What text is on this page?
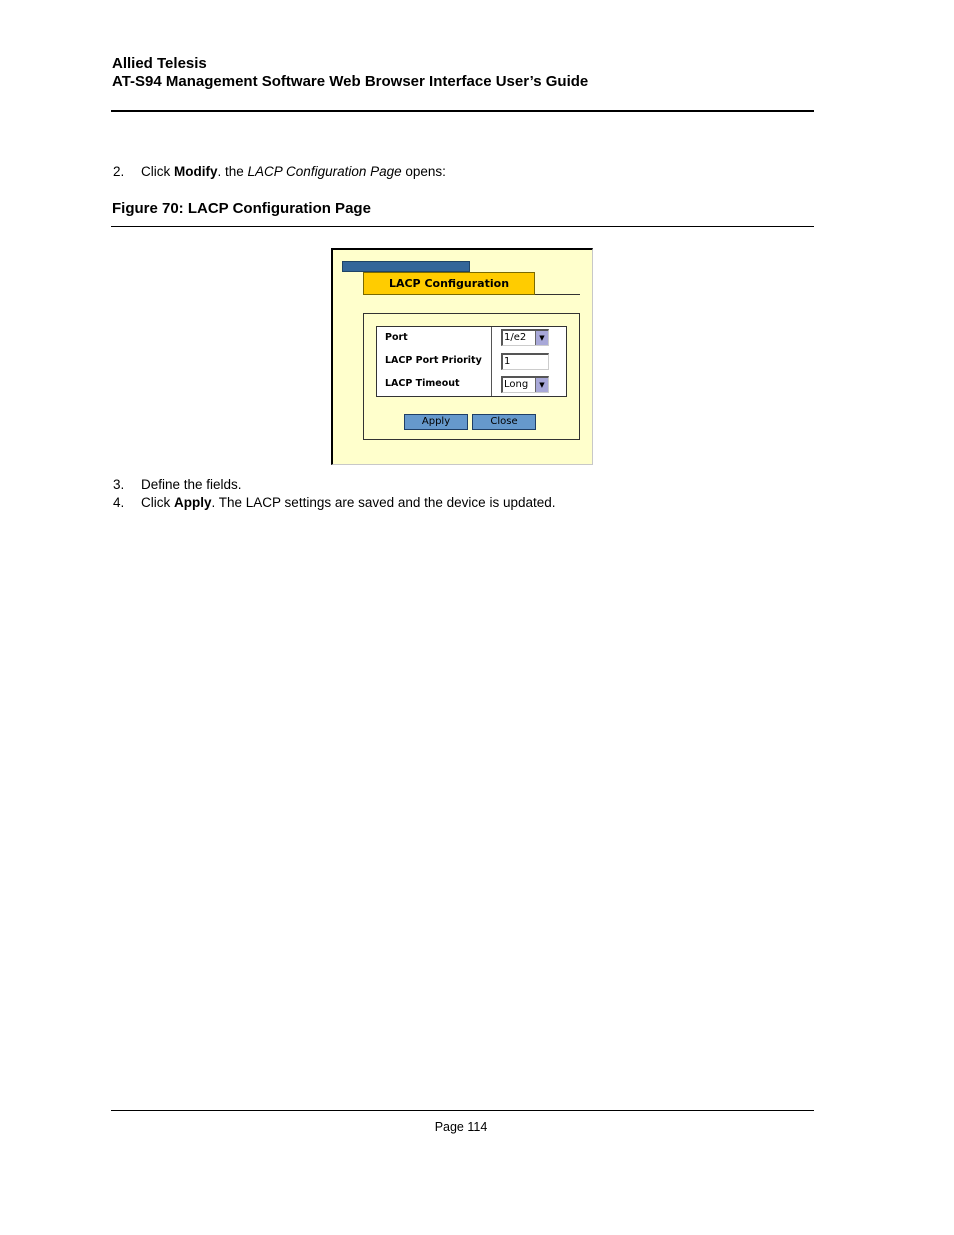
Allied Telesis
AT-S94 Management Software Web Browser Interface User’s Guide
2. Click Modify. the LACP Configuration Page opens:
Figure 70: LACP Configuration Page
LACP Configuration
Port	1/e2	▼
LACP Port Priority	1
LACP Timeout	Long	▼
Apply	Close
3. Define the fields.
4. Click Apply. The LACP settings are saved and the device is updated.
Page 114
